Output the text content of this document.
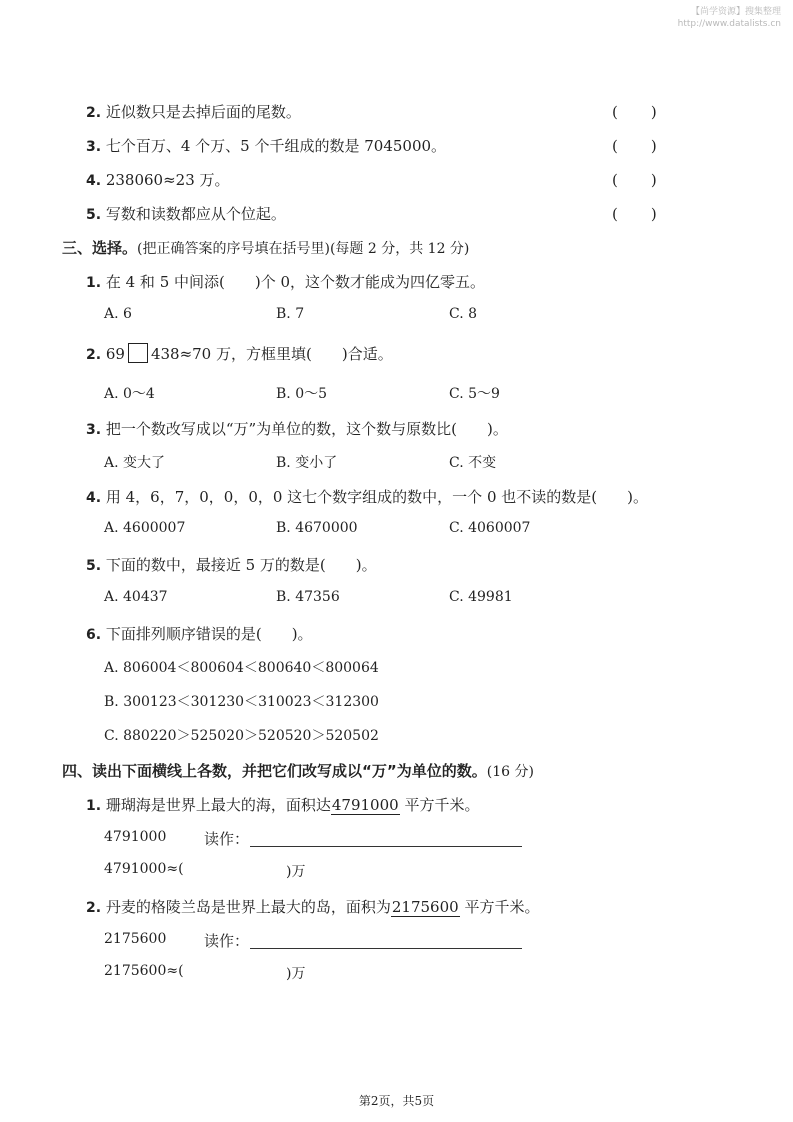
【尚学资源】搜集整理
http://www.datalists.cn
2. 近似数只是去掉后面的尾数。	(　　)
3. 七个百万、4 个万、5 个千组成的数是 7045000。	(　　)
4. 238060≈23 万。	(　　)
5. 写数和读数都应从个位起。	(　　)
三、选择。(把正确答案的序号填在括号里)(每题 2 分，共 12 分)
1. 在 4 和 5 中间添(　　)个 0，这个数才能成为四亿零五。
A. 6	B. 7	C. 8
2. 69 438≈70 万，方框里填(　　)合适。
A. 0～4	B. 0～5	C. 5～9
3. 把一个数改写成以“万”为单位的数，这个数与原数比(　　)。
A. 变大了	B. 变小了	C. 不变
4. 用 4，6，7，0，0，0，0 这七个数字组成的数中，一个 0 也不读的数是(　　)。
A. 4600007	B. 4670000	C. 4060007
5. 下面的数中，最接近 5 万的数是(　　)。
A. 40437	B. 47356	C. 49981
6. 下面排列顺序错误的是(　　)。
A. 806004＜800604＜800640＜800064
B. 300123＜301230＜310023＜312300
C. 880220＞525020＞520520＞520502
四、读出下面横线上各数，并把它们改写成以“万”为单位的数。(16 分)
1. 珊瑚海是世界上最大的海，面积达4791000 平方千米。
4791000	读作：
4791000≈(	)万
2. 丹麦的格陵兰岛是世界上最大的岛，面积为2175600 平方千米。
2175600	读作：
2175600≈(	)万
第2页，共5页
